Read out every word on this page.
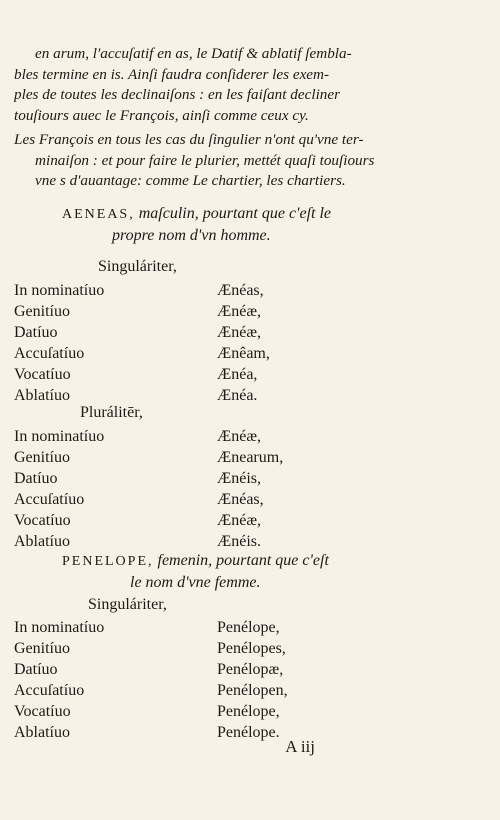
en arum, l'accuſatif en as, le Datif & ablatif ſembla-
bles termine en is. Ainſi faudra conſiderer les exem-
ples de toutes les declinaiſons : en les faiſant decliner
touſiours auec le François, ainſi comme ceux cy.
Les François en tous les cas du ſingulier n'ont qu'vne ter-
minaiſon : et pour faire le plurier, mettét quaſi touſiours
vne s d'auantage: comme Le chartier, les chartiers.
AENEAS, maſculin, pourtant que c'eſt le
propre nom d'vn homme.
Singuláriter,
In nominatíuo	Ænéas,
Genitíuo	Ænéæ,
Datíuo	Ænéæ,
Accuſatíuo	Ænêam,
Vocatíuo	Ænéa,
Ablatíuo	Ænéa.
Plurálitēr,
In nominatíuo	Ænéæ,
Genitíuo	Ænearum,
Datíuo	Ænéis,
Accuſatíuo	Ænéas,
Vocatíuo	Ænéæ,
Ablatíuo	Ænéis.
PENELOPE, femenin, pourtant que c'eſt
le nom d'vne femme.
Singuláriter,
In nominatíuo	Penélope,
Genitíuo	Penélopes,
Datíuo	Penélopæ,
Accuſatíuo	Penélopen,
Vocatíuo	Penélope,
Ablatíuo	Penélope.
A iij
